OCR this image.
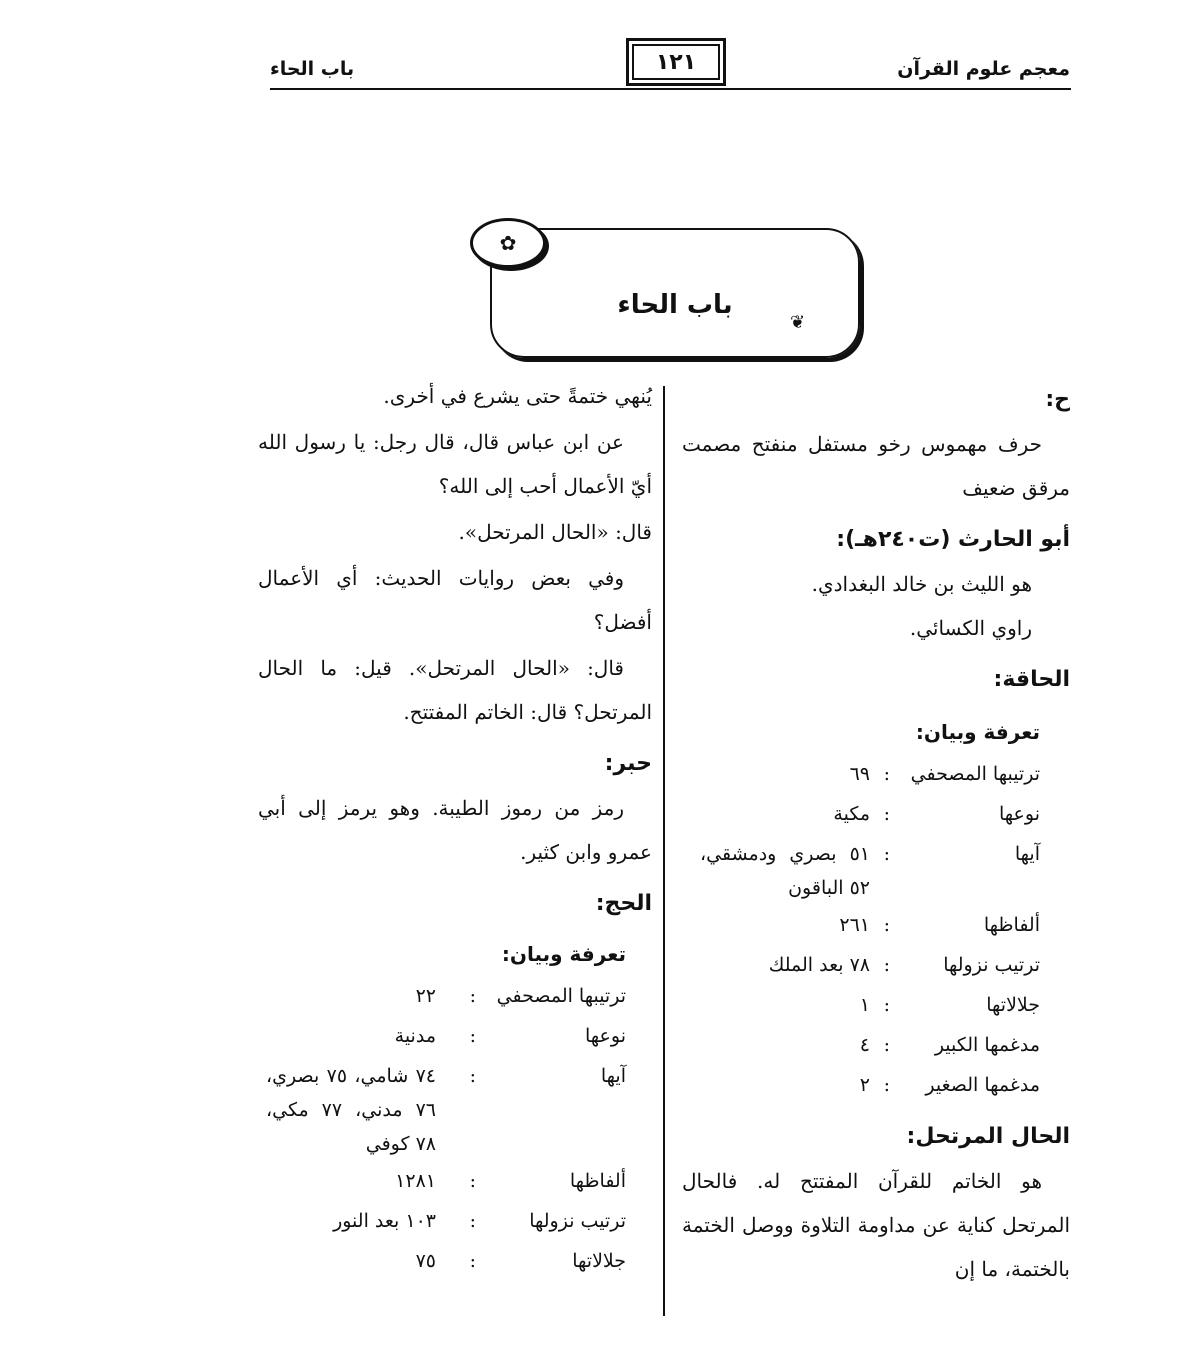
معجم علوم القرآن
١٢١
باب الحاء
باب الحاء
✿
❦

ح:

حرف مهموس رخو مستفل منفتح مصمت مرقق ضعيف

أبو الحارث (ت٢٤٠هـ):

هو الليث بن خالد البغدادي.

راوي الكسائي.

الحاقة:

تعرفة وبيان:

ترتيبها المصحفي
:
٦٩
نوعها
:
مكية
آيها
:
٥١ بصري ودمشقي، ٥٢ الباقون
ألفاظها
:
٢٦١
ترتيب نزولها
:
٧٨ بعد الملك
جلالاتها
:
١
مدغمها الكبير
:
٤
مدغمها الصغير
:
٢

الحال المرتحل:

هو الخاتم للقرآن المفتتح له. فالحال المرتحل كناية عن مداومة التلاوة ووصل الختمة بالختمة، ما إن

يُنهي ختمةً حتى يشرع في أخرى.

عن ابن عباس قال، قال رجل: يا رسول الله أيّ الأعمال أحب إلى الله؟

قال: «الحال المرتحل».

وفي بعض روايات الحديث: أي الأعمال أفضل؟

قال: «الحال المرتحل». قيل: ما الحال المرتحل؟ قال: الخاتم المفتتح.

حبر:

رمز من رموز الطيبة. وهو يرمز إلى أبي عمرو وابن كثير.

الحج:

تعرفة وبيان:

ترتيبها المصحفي
:
٢٢
نوعها
:
مدنية
آيها
:
٧٤ شامي، ٧٥ بصري، ٧٦ مدني، ٧٧ مكي، ٧٨ كوفي
ألفاظها
:
١٢٨١
ترتيب نزولها
:
١٠٣ بعد النور
جلالاتها
:
٧٥
